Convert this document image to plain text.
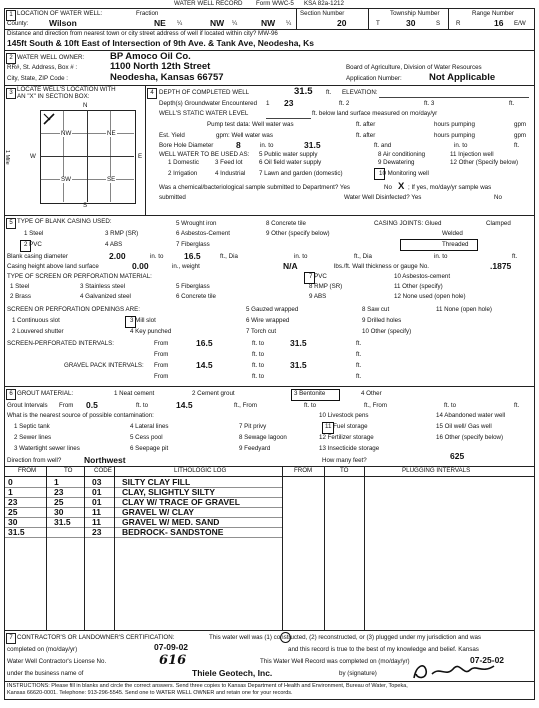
WATER WELL RECORD Form WWC-5 KSA 82a-1212
1 LOCATION OF WATER WELL:	Fraction	Section Number	Township Number	Range Number
County: Wilson	NE ¼	NW ¼	NW ¼	20	T	30	S	R	16 E/W
Distance and direction from nearest town or city street address of well if located within city? MW-96
145ft South & 10ft East of Intersection of 9th Ave. & Tank Ave, Neodesha, Ks
2 WATER WELL OWNER:	BP Amoco Oil Co.
RR#, St. Address, Box # :	1100 North 12th Street
City, State, ZIP Code :	Neodesha, Kansas 66757
Board of Agriculture, Division of Water Resources
Application Number:	Not Applicable
3 LOCATE WELL'S LOCATION WITH
AN "X" IN SECTION BOX:
N
S
W	E
1 Mile
NW	NE
SW	SE
4 DEPTH OF COMPLETED WELL	31.5 ft. ELEVATION:
Depth(s) Groundwater Encountered 1 23	ft. 2	ft. 3	ft.
WELL'S STATIC WATER LEVEL	ft. below land surface measured on mo/day/yr
Pump test data: Well water was	ft. after	hours pumping	gpm
Est. Yield	gpm: Well water was	ft. after	hours pumping	gpm
Bore Hole Diameter	8	in. to	31.5	ft. and	in. to	ft.
WELL WATER TO BE USED AS:
1 Domestic	3 Feed lot
5 Public water supply
6 Oil field water supply
8 Air conditioning
9 Dewatering
11 Injection well
12 Other (Specify below)
2 Irrigation	4 Industrial 7 Lawn and garden (domestic)	10 Monitoring well
Was a chemical/bacteriological sample submitted to Department? Yes	No X ; If yes, mo/day/yr sample was
submitted	Water Well Disinfected? Yes	No
5 TYPE OF BLANK CASING USED:
1 Steel	3 RMP (SR)
5 Wrought iron
6 Asbestos-Cement
8 Concrete tile
9 Other (specify below)
2 PVC	4 ABS	7 Fiberglass
CASING JOINTS: Glued	Clamped
Welded
Threaded
Blank casing diameter	2.00	in. to 16.5	ft., Dia	in. to	ft., Dia	in. to	ft.
Casing height above land surface	0.00	in., weight	N/A	lbs./ft. Wall thickness or gauge No.	.1875
TYPE OF SCREEN OR PERFORATION MATERIAL:
1 Steel	3 Stainless steel	5 Fiberglass
7 PVC
8 RMP (SR)
9 ABS
10 Asbestos-cement
11 Other (specify)
12 None used (open hole)
2 Brass	4 Galvanized steel	6 Concrete tile
SCREEN OR PERFORATION OPENINGS ARE:
1 Continuous slot	3 Mill slot
5 Gauzed wrapped
6 Wire wrapped
7 Torch cut
8 Saw cut
9 Drilled holes
10 Other (specify)
11 None (open hole)
2 Louvered shutter	4 Key punched
SCREEN-PERFORATED INTERVALS:	From	16.5	ft. to	31.5	ft.
From	ft. to	ft.
GRAVEL PACK INTERVALS: From	14.5	ft. to	31.5	ft.
From	ft. to	ft.
6 GROUT MATERIAL:	1 Neat cement	2 Cement grout	3 Bentonite	4 Other
Grout Intervals From 0.5	ft. to	14.5	ft., From	ft. to	ft., From	ft. to	ft.
What is the nearest source of possible contamination:
1 Septic tank	4 Lateral lines	7 Pit privy
10 Livestock pens
11 Fuel storage
12 Fertilizer storage
13 Insecticide storage
14 Abandoned water well
15 Oil well/ Gas well
16 Other (specify below)
2 Sewer lines	5 Cess pool	8 Sewage lagoon
3 Watertight sewer lines	6 Seepage pit	9 Feedyard
Direction from well?	Northwest	How many feet?	625
FROM	TO	CODE	LITHOLOGIC LOG	FROM	TO	PLUGGING INTERVALS
0	1	03 SILTY CLAY FILL
1	23	01 CLAY, SLIGHTLY SILTY
23	25	01 CLAY W/ TRACE OF GRAVEL
25	30	11 GRAVEL W/ CLAY
30	31.5	11 GRAVEL W/ MED. SAND
31.5	23 BEDROCK- SANDSTONE
7 CONTRACTOR'S OR LANDOWNER'S CERTIFICATION:	This water well was (1) constructed, (2) reconstructed, or (3) plugged under my jurisdiction and was
completed on (mo/day/yr)	07-09-02	and this record is true to the best of my knowledge and belief. Kansas
Water Well Contractor's License No.	616	This Water Well Record was completed on (mo/day/yr)	07-25-02
under the business name of	Thiele Geotech, Inc.	by (signature)
INSTRUCTIONS: Please fill in blanks and circle the correct answers. Send three copies to Kansas Department of Health and Environment, Bureau of Water, Topeka,
Kansas 66620-0001. Telephone: 913-296-5545. Send one to WATER WELL OWNER and retain one for your records.
